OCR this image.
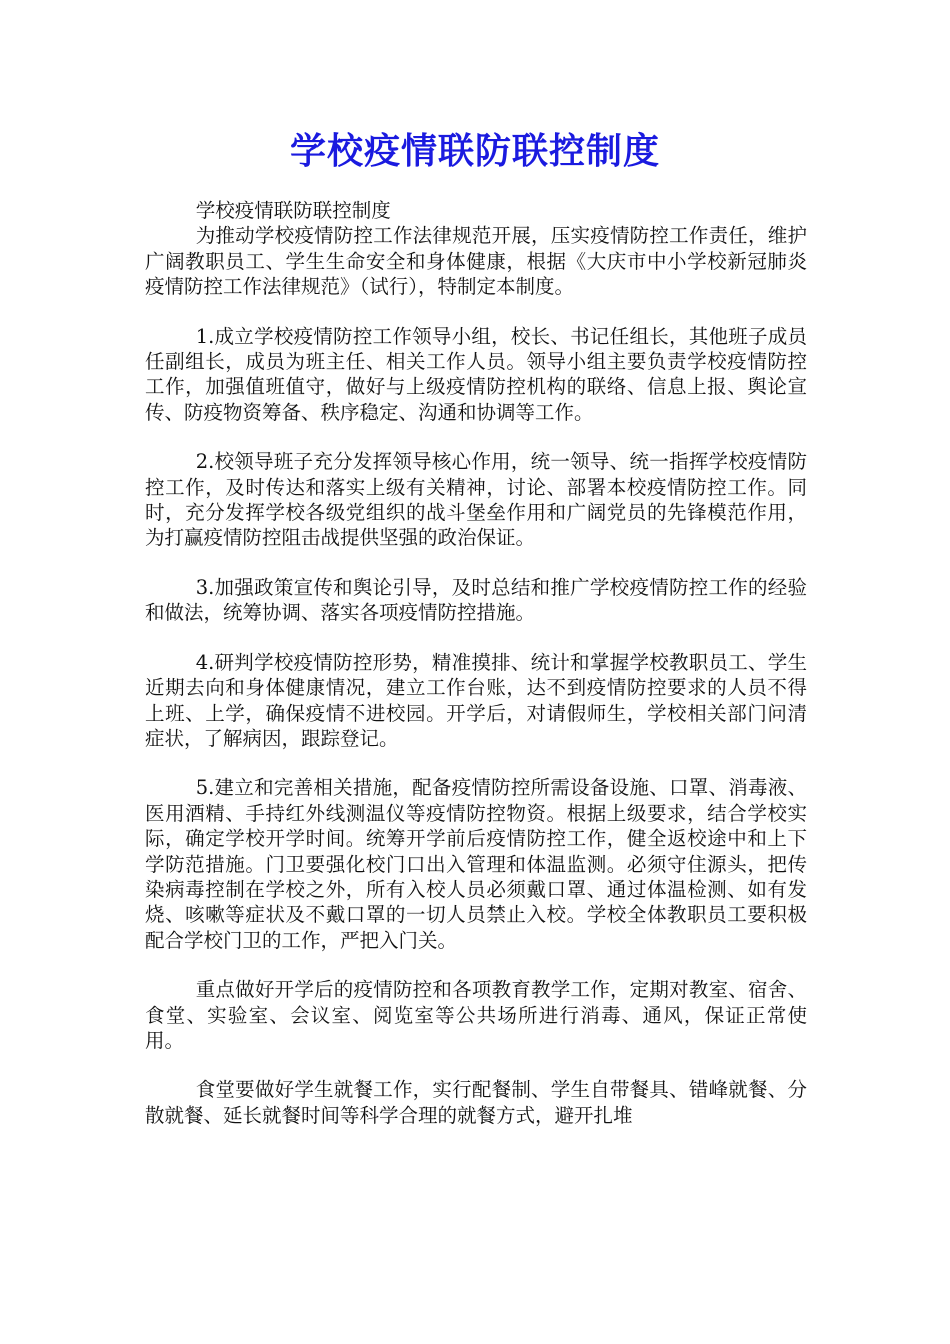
学校疫情联防联控制度

学校疫情联防联控制度

为推动学校疫情防控工作法律规范开展，压实疫情防控工作责任，维护广阔教职员工、学生生命安全和身体健康，根据《大庆市中小学校新冠肺炎疫情防控工作法律规范》（试行），特制定本制度。

1.成立学校疫情防控工作领导小组，校长、书记任组长，其他班子成员任副组长，成员为班主任、相关工作人员。领导小组主要负责学校疫情防控工作，加强值班值守，做好与上级疫情防控机构的联络、信息上报、舆论宣传、防疫物资筹备、秩序稳定、沟通和协调等工作。

2.校领导班子充分发挥领导核心作用，统一领导、统一指挥学校疫情防控工作，及时传达和落实上级有关精神，讨论、部署本校疫情防控工作。同时，充分发挥学校各级党组织的战斗堡垒作用和广阔党员的先锋模范作用，为打赢疫情防控阻击战提供坚强的政治保证。

3.加强政策宣传和舆论引导，及时总结和推广学校疫情防控工作的经验和做法，统筹协调、落实各项疫情防控措施。

4.研判学校疫情防控形势，精准摸排、统计和掌握学校教职员工、学生近期去向和身体健康情况，建立工作台账，达不到疫情防控要求的人员不得上班、上学，确保疫情不进校园。开学后，对请假师生，学校相关部门问清症状，了解病因，跟踪登记。

5.建立和完善相关措施，配备疫情防控所需设备设施、口罩、消毒液、医用酒精、手持红外线测温仪等疫情防控物资。根据上级要求，结合学校实际，确定学校开学时间。统筹开学前后疫情防控工作，健全返校途中和上下学防范措施。门卫要强化校门口出入管理和体温监测。必须守住源头，把传染病毒控制在学校之外，所有入校人员必须戴口罩、通过体温检测、如有发烧、咳嗽等症状及不戴口罩的一切人员禁止入校。学校全体教职员工要积极配合学校门卫的工作，严把入门关。

重点做好开学后的疫情防控和各项教育教学工作，定期对教室、宿舍、食堂、实验室、会议室、阅览室等公共场所进行消毒、通风，保证正常使用。

食堂要做好学生就餐工作，实行配餐制、学生自带餐具、错峰就餐、分散就餐、延长就餐时间等科学合理的就餐方式，避开扎堆
